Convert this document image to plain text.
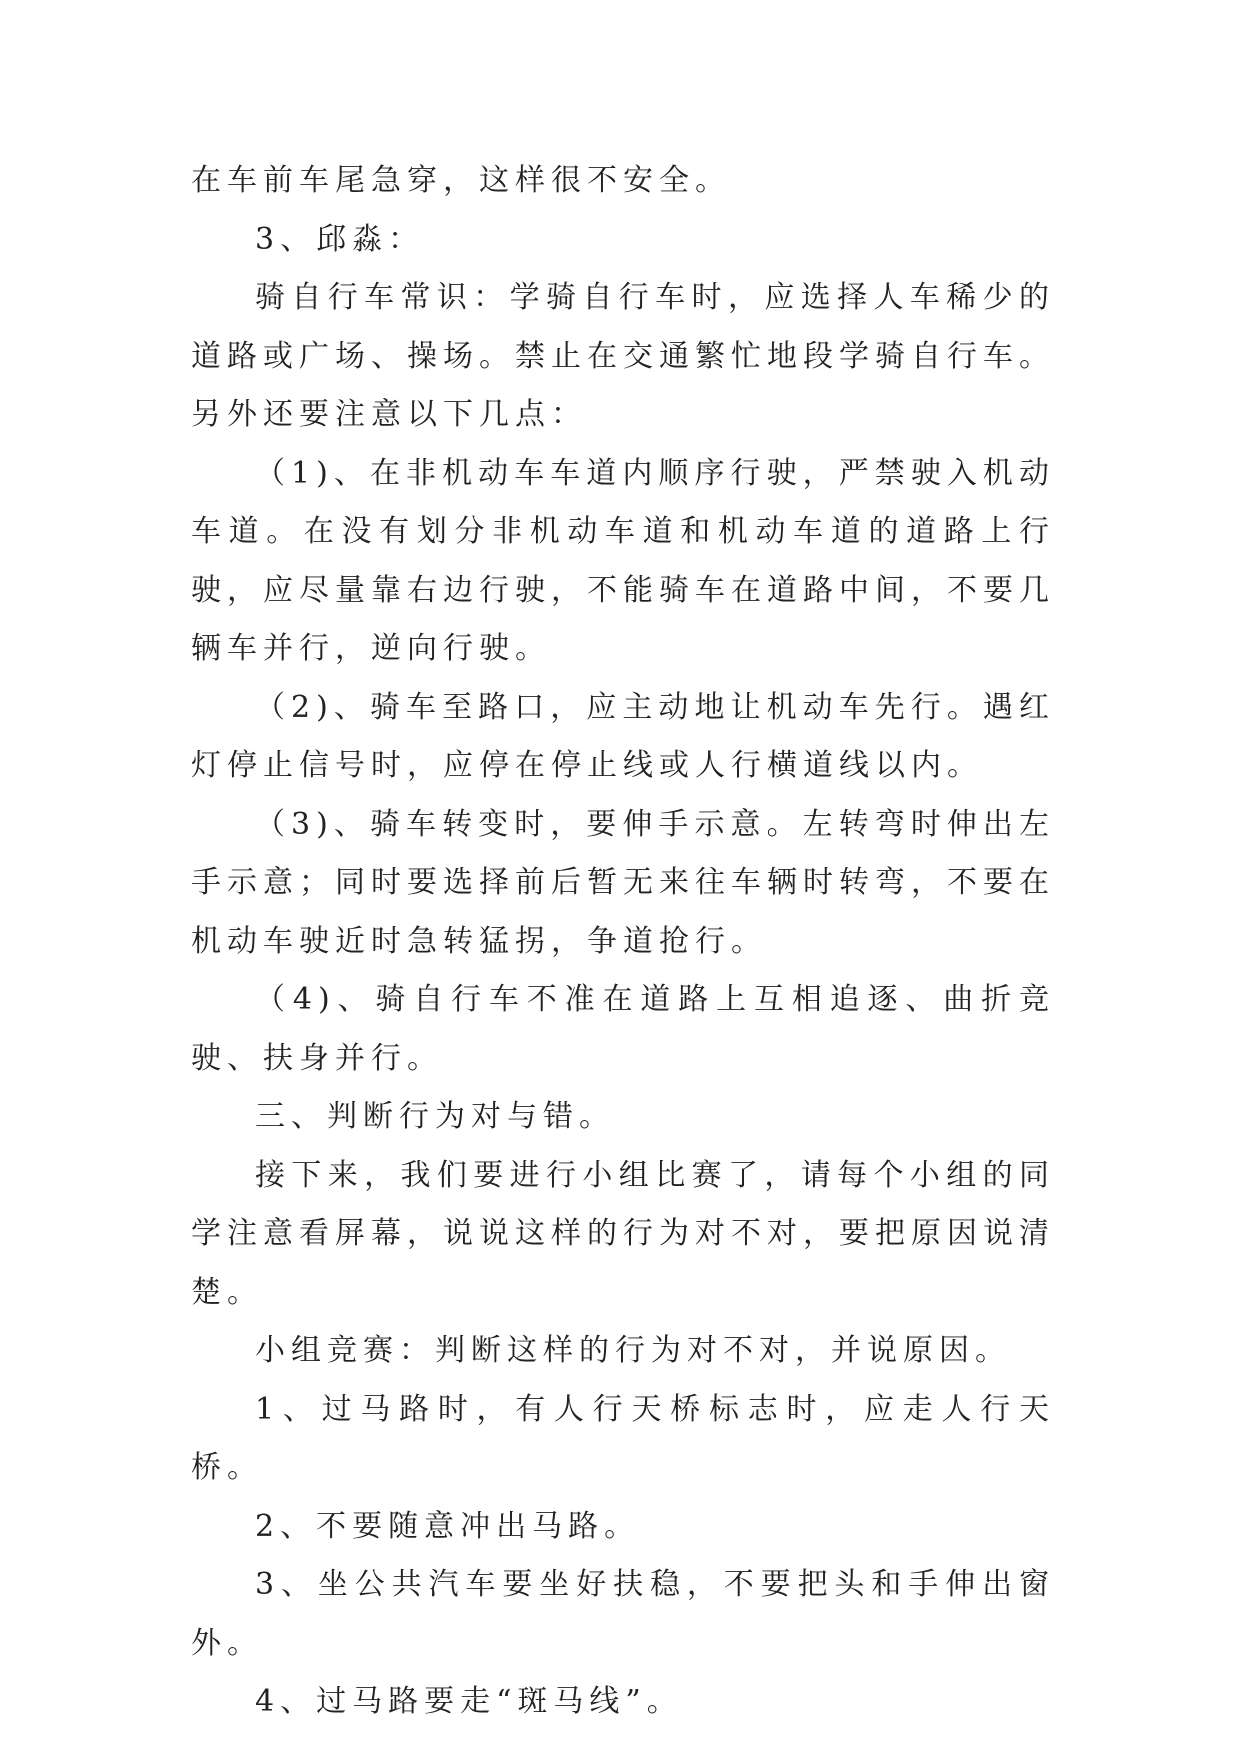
在车前车尾急穿，这样很不安全。

3、邱淼：

骑自行车常识：学骑自行车时，应选择人车稀少的道路或广场、操场。禁止在交通繁忙地段学骑自行车。另外还要注意以下几点：

（1)、在非机动车车道内顺序行驶，严禁驶入机动车道。在没有划分非机动车道和机动车道的道路上行驶，应尽量靠右边行驶，不能骑车在道路中间，不要几辆车并行，逆向行驶。

（2)、骑车至路口，应主动地让机动车先行。遇红灯停止信号时，应停在停止线或人行横道线以内。

（3)、骑车转变时，要伸手示意。左转弯时伸出左手示意；同时要选择前后暂无来往车辆时转弯，不要在机动车驶近时急转猛拐，争道抢行。

（4)、骑自行车不准在道路上互相追逐、曲折竞驶、扶身并行。

三、判断行为对与错。

接下来，我们要进行小组比赛了，请每个小组的同学注意看屏幕，说说这样的行为对不对，要把原因说清楚。

小组竞赛：判断这样的行为对不对，并说原因。

1、过马路时，有人行天桥标志时，应走人行天桥。

2、不要随意冲出马路。

3、坐公共汽车要坐好扶稳，不要把头和手伸出窗外。

4、过马路要走“斑马线”。
